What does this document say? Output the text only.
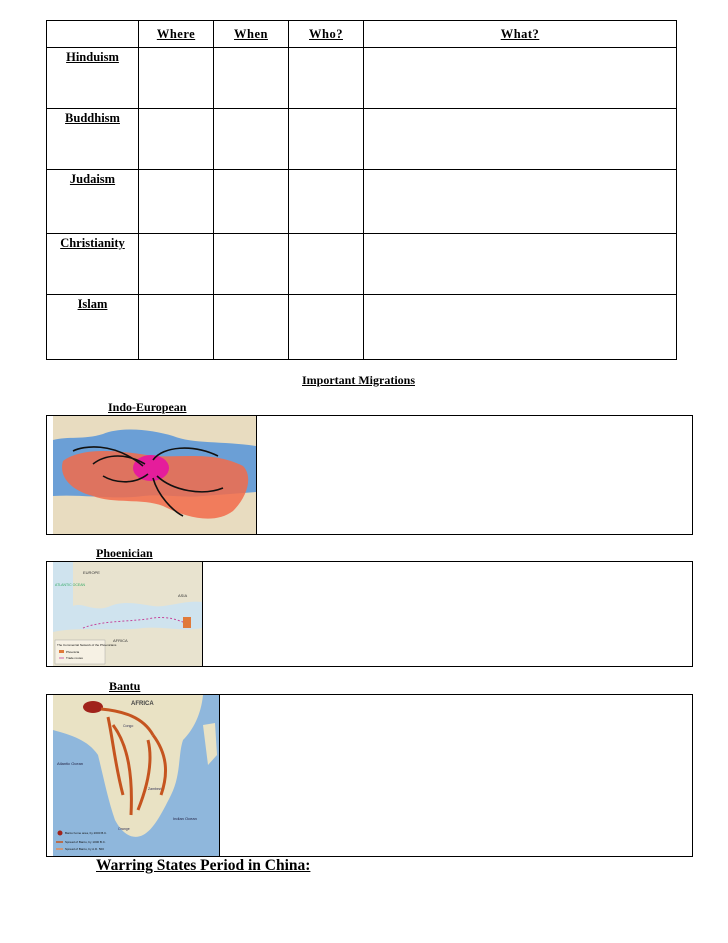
	Where	When	Who?	What?
Hinduism				
Buddhism				
Judaism				
Christianity				
Islam				
Important Migrations
Indo-European
Phoenician
EUROPE
ATLANTIC OCEAN
AFRICA
ASIA
The Commercial Network of the Phoenicians
Phoenicia
Trade routes
Bantu
AFRICA
Atlantic Ocean
Indian Ocean
Congo
Zambezi
Orange
Bantu home area, by 2000 B.C.
Spread of Bantu, by 1000 B.C.
Spread of Bantu, by A.D. 500
Warring States Period in China:
